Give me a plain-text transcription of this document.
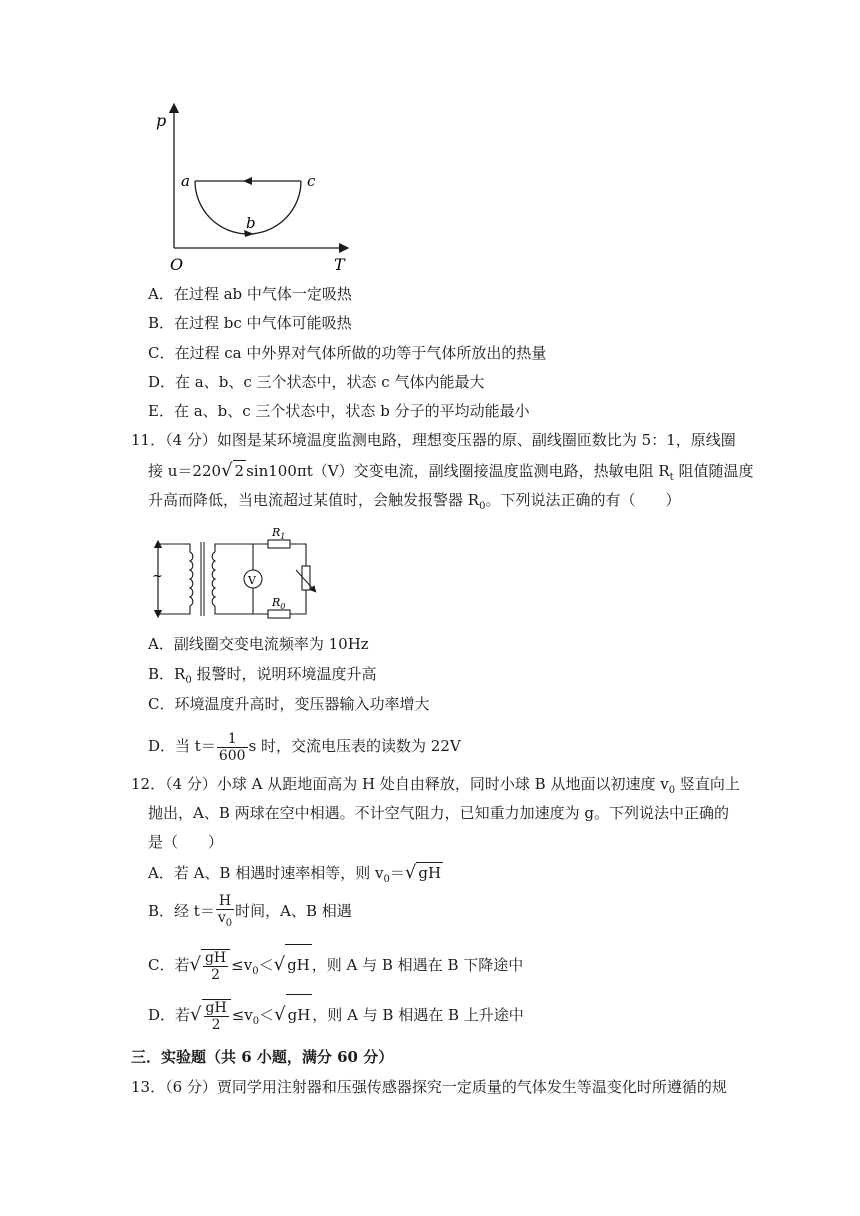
p
T
O
a	c
b
A．在过程 ab 中气体一定吸热
B．在过程 bc 中气体可能吸热
C．在过程 ca 中外界对气体所做的功等于气体所放出的热量
D．在 a、b、c 三个状态中，状态 c 气体内能最大
E．在 a、b、c 三个状态中，状态 b 分子的平均动能最小
11．（4 分）如图是某环境温度监测电路，理想变压器的原、副线圈匝数比为 5：1，原线圈
接 u＝220√ 2 sin100πt（V）交变电流，副线圈接温度监测电路，热敏电阻 $R_t$ 阻值随温度
升高而降低，当电流超过某值时，会触发报警器 $R_0$。下列说法正确的有（　　）
~	V
$R_1$
$R_0$
A．副线圈交变电流频率为 10Hz
B．$R_0$ 报警时，说明环境温度升高
C．环境温度升高时，变压器输入功率增大
D．当 $t= \frac{1}{600}$ s 时，交流电压表的读数为 22V
12．（4 分）小球 A 从距地面高为 H 处自由释放，同时小球 B 从地面以初速度 $v_0$ 竖直向上
抛出，A、B 两球在空中相遇。不计空气阻力，已知重力加速度为 g。下列说法中正确的
是（　　）
A．若 A、B 相遇时速率相等，则 $v_0=√$ gH
B．经 $t= \frac{H}{v_0}$ 时间，A、B 相遇
C．若√ $\frac{gH}{2} \le v_0<√$ gH ，则 A 与 B 相遇在 B 下降途中
D．若√ $\frac{gH}{2} \le v_0<√$ gH ，则 A 与 B 相遇在 B 上升途中
三．实验题（共 6 小题，满分 60 分）
13．（6 分）贾同学用注射器和压强传感器探究一定质量的气体发生等温变化时所遵循的规
